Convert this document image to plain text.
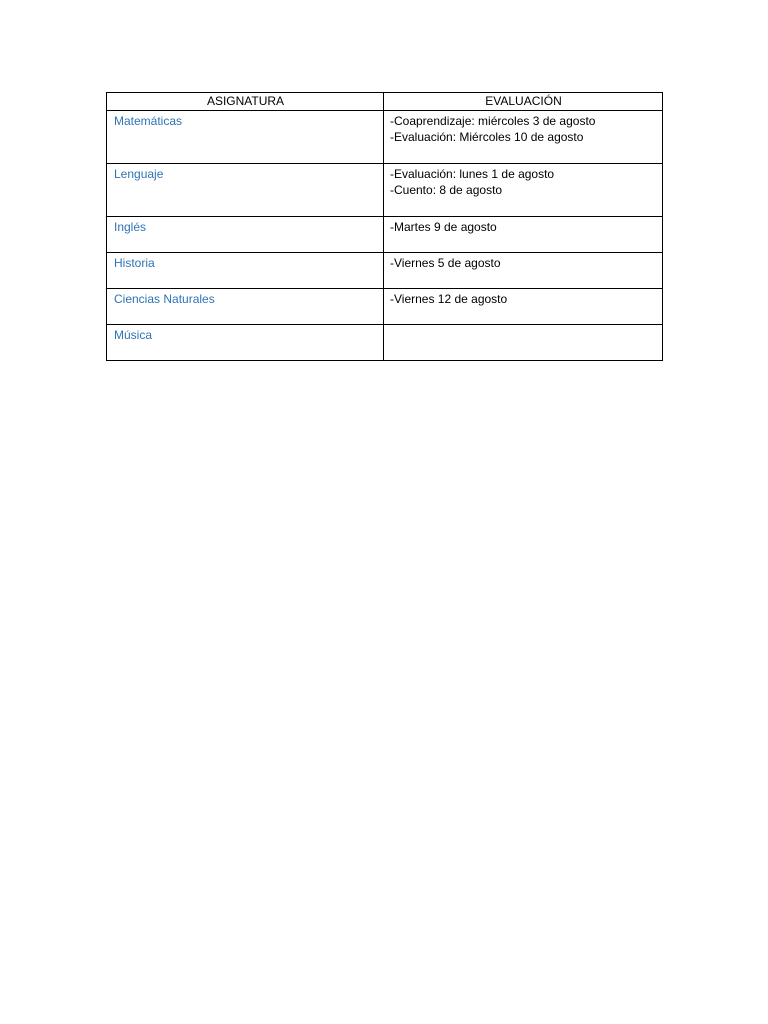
ASIGNATURA	EVALUACIÓN
Matemáticas	-Coaprendizaje: miércoles 3 de agosto
-Evaluación: Miércoles 10 de agosto

Lenguaje	-Evaluación: lunes 1 de agosto
-Cuento: 8 de agosto

Inglés	-Martes 9 de agosto

Historia	-Viernes 5 de agosto

Ciencias Naturales	-Viernes 12 de agosto

Música	
